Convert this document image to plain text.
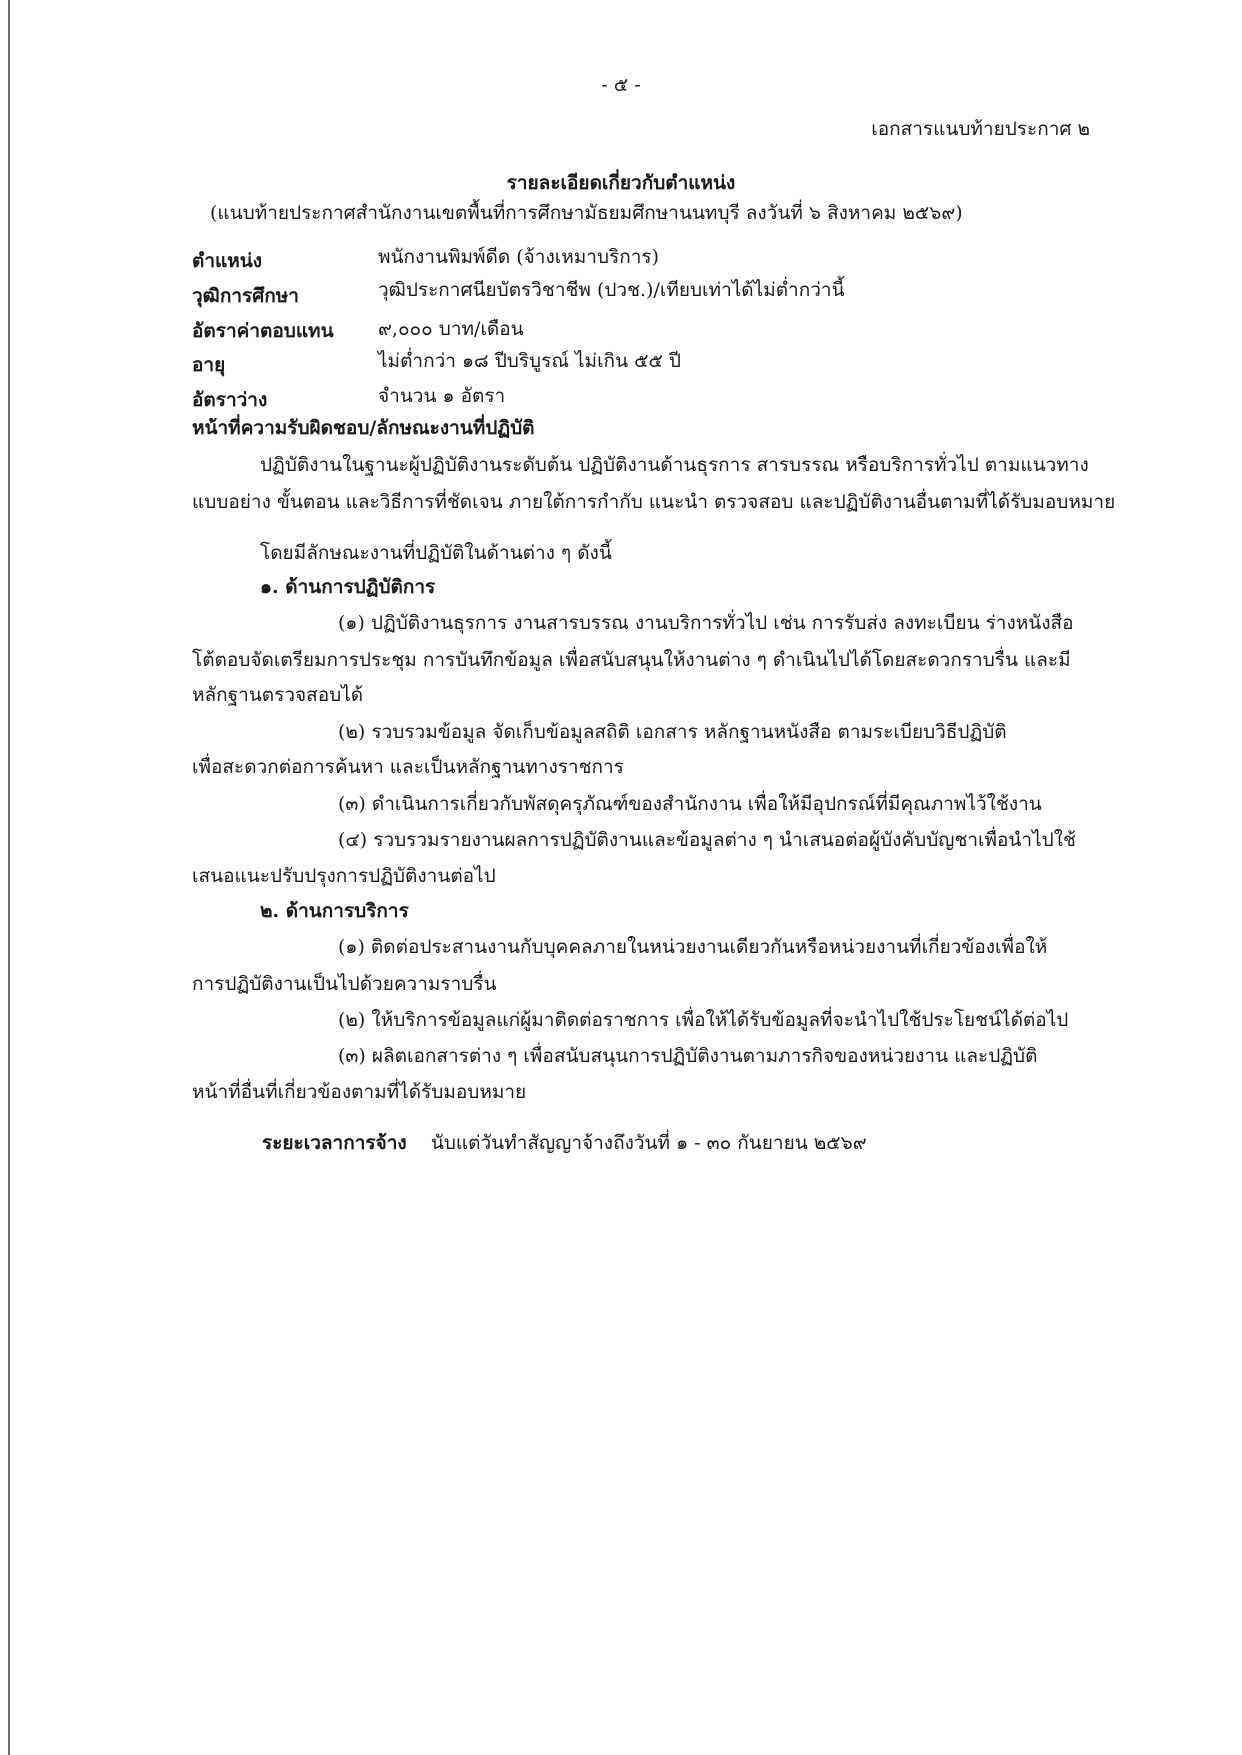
- ๕ -
เอกสารแนบท้ายประกาศ ๒
รายละเอียดเกี่ยวกับตำแหน่ง
(แนบท้ายประกาศสำนักงานเขตพื้นที่การศึกษามัธยมศึกษานนทบุรี ลงวันที่ ๖ สิงหาคม ๒๕๖๙)
ตำแหน่ง	พนักงานพิมพ์ดีด (จ้างเหมาบริการ)
วุฒิการศึกษา	วุฒิประกาศนียบัตรวิชาชีพ (ปวช.)/เทียบเท่าได้ไม่ต่ำกว่านี้
อัตราค่าตอบแทน ๙,๐๐๐ บาท/เดือน
อายุ	ไม่ต่ำกว่า ๑๘ ปีบริบูรณ์ ไม่เกิน ๕๕ ปี
อัตราว่าง	จำนวน ๑ อัตรา
หน้าที่ความรับผิดชอบ/ลักษณะงานที่ปฏิบัติ
ปฏิบัติงานในฐานะผู้ปฏิบัติงานระดับต้น ปฏิบัติงานด้านธุรการ สารบรรณ หรือบริการทั่วไป ตามแนวทาง
แบบอย่าง ขั้นตอน และวิธีการที่ชัดเจน ภายใต้การกำกับ แนะนำ ตรวจสอบ และปฏิบัติงานอื่นตามที่ได้รับมอบหมาย
โดยมีลักษณะงานที่ปฏิบัติในด้านต่าง ๆ ดังนี้
๑. ด้านการปฏิบัติการ
(๑) ปฏิบัติงานธุรการ งานสารบรรณ งานบริการทั่วไป เช่น การรับส่ง ลงทะเบียน ร่างหนังสือ
โต้ตอบจัดเตรียมการประชุม การบันทึกข้อมูล เพื่อสนับสนุนให้งานต่าง ๆ ดำเนินไปได้โดยสะดวกราบรื่น และมี
หลักฐานตรวจสอบได้
(๒) รวบรวมข้อมูล จัดเก็บข้อมูลสถิติ เอกสาร หลักฐานหนังสือ ตามระเบียบวิธีปฏิบัติ
เพื่อสะดวกต่อการค้นหา และเป็นหลักฐานทางราชการ
(๓) ดำเนินการเกี่ยวกับพัสดุครุภัณฑ์ของสำนักงาน เพื่อให้มีอุปกรณ์ที่มีคุณภาพไว้ใช้งาน
(๔) รวบรวมรายงานผลการปฏิบัติงานและข้อมูลต่าง ๆ นำเสนอต่อผู้บังคับบัญชาเพื่อนำไปใช้
เสนอแนะปรับปรุงการปฏิบัติงานต่อไป
๒. ด้านการบริการ
(๑) ติดต่อประสานงานกับบุคคลภายในหน่วยงานเดียวกันหรือหน่วยงานที่เกี่ยวข้องเพื่อให้
การปฏิบัติงานเป็นไปด้วยความราบรื่น
(๒) ให้บริการข้อมูลแก่ผู้มาติดต่อราชการ เพื่อให้ได้รับข้อมูลที่จะนำไปใช้ประโยชน์ได้ต่อไป
(๓) ผลิตเอกสารต่าง ๆ เพื่อสนับสนุนการปฏิบัติงานตามภารกิจของหน่วยงาน และปฏิบัติ
หน้าที่อื่นที่เกี่ยวข้องตามที่ได้รับมอบหมาย
ระยะเวลาการจ้าง นับแต่วันทำสัญญาจ้างถึงวันที่ ๑ - ๓๐ กันยายน ๒๕๖๙
